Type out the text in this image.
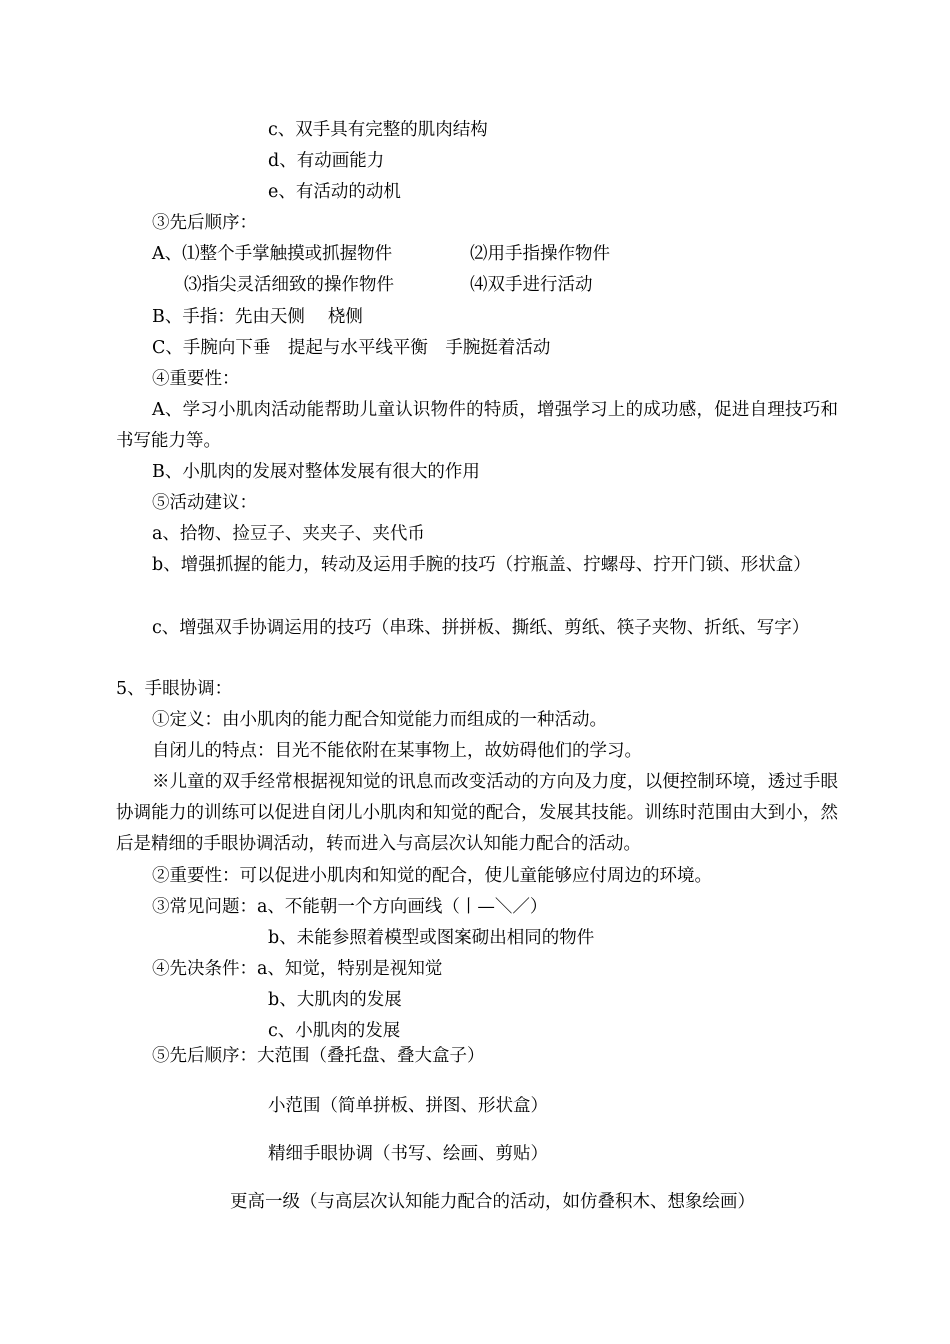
c、双手具有完整的肌肉结构
d、有动画能力
e、有活动的动机
③先后顺序：
A、⑴整个手掌触摸或抓握物件	⑵用手指操作物件
⑶指尖灵活细致的操作物件	⑷双手进行活动
B、手指：先由天侧　 桡侧
C、手腕向下垂　提起与水平线平衡　手腕挺着活动
④重要性：
A、学习小肌肉活动能帮助儿童认识物件的特质，增强学习上的成功感，促进自理技巧和书写能力等。
B、小肌肉的发展对整体发展有很大的作用
⑤活动建议：
a、拾物、捡豆子、夹夹子、夹代币
b、增强抓握的能力，转动及运用手腕的技巧（拧瓶盖、拧螺母、拧开门锁、形状盒）
c、增强双手协调运用的技巧（串珠、拼拼板、撕纸、剪纸、筷子夹物、折纸、写字）
5、手眼协调：
①定义：由小肌肉的能力配合知觉能力而组成的一种活动。
自闭儿的特点：目光不能依附在某事物上，故妨碍他们的学习。
※儿童的双手经常根据视知觉的讯息而改变活动的方向及力度，以便控制环境，透过手眼协调能力的训练可以促进自闭儿小肌肉和知觉的配合，发展其技能。训练时范围由大到小，然后是精细的手眼协调活动，转而进入与高层次认知能力配合的活动。
②重要性：可以促进小肌肉和知觉的配合，使儿童能够应付周边的环境。
③常见问题：a、不能朝一个方向画线（丨—＼／）
b、未能参照着模型或图案砌出相同的物件
④先决条件：a、知觉，特别是视知觉
b、大肌肉的发展
c、小肌肉的发展
⑤先后顺序：大范围（叠托盘、叠大盒子）
小范围（简单拼板、拼图、形状盒）
精细手眼协调（书写、绘画、剪贴）
更高一级（与高层次认知能力配合的活动，如仿叠积木、想象绘画）
